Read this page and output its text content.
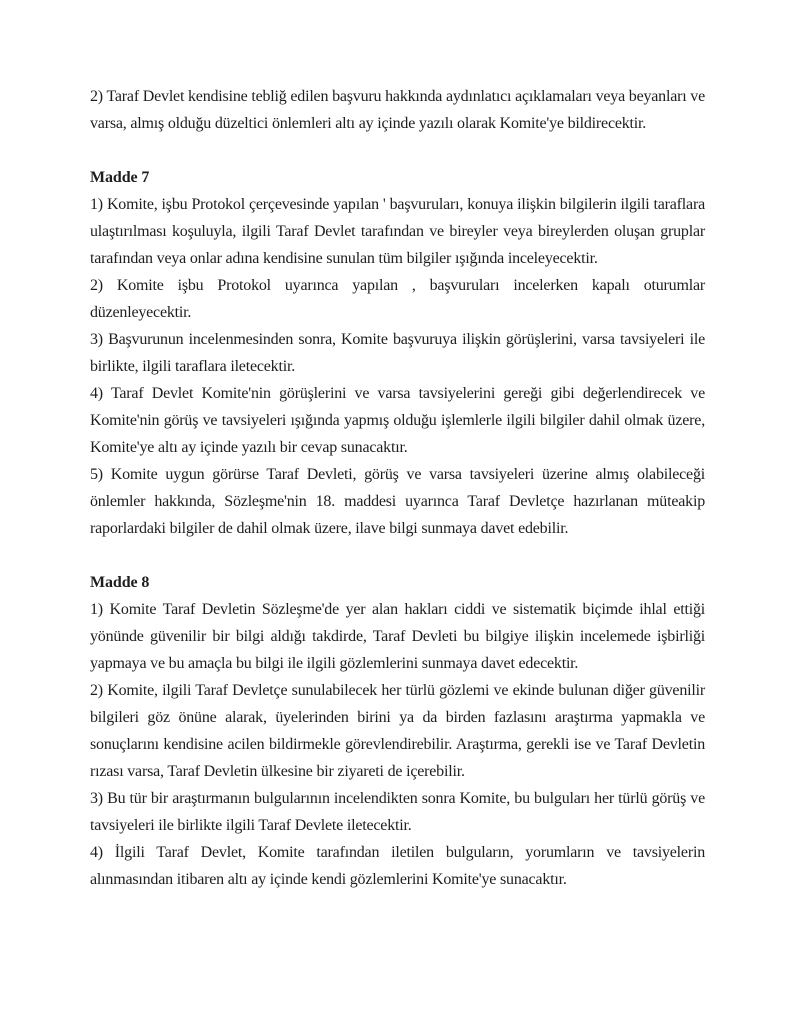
2) Taraf Devlet kendisine tebliğ edilen başvuru hakkında aydınlatıcı açıklamaları veya beyanları ve varsa, almış olduğu düzeltici önlemleri altı ay içinde yazılı olarak Komite'ye bildirecektir.

Madde 7

1) Komite, işbu Protokol çerçevesinde yapılan ' başvuruları, konuya ilişkin bilgilerin ilgili taraflara ulaştırılması koşuluyla, ilgili Taraf Devlet tarafından ve bireyler veya bireylerden oluşan gruplar tarafından veya onlar adına kendisine sunulan tüm bilgiler ışığında inceleyecektir.

2) Komite işbu Protokol uyarınca yapılan , başvuruları incelerken kapalı oturumlar düzenleyecektir.

3) Başvurunun incelenmesinden sonra, Komite başvuruya ilişkin görüşlerini, varsa tavsiyeleri ile birlikte, ilgili taraflara iletecektir.

4) Taraf Devlet Komite'nin görüşlerini ve varsa tavsiyelerini gereği gibi değerlendirecek ve Komite'nin görüş ve tavsiyeleri ışığında yapmış olduğu işlemlerle ilgili bilgiler dahil olmak üzere, Komite'ye altı ay içinde yazılı bir cevap sunacaktır.

5) Komite uygun görürse Taraf Devleti, görüş ve varsa tavsiyeleri üzerine almış olabileceği önlemler hakkında, Sözleşme'nin 18. maddesi uyarınca Taraf Devletçe hazırlanan müteakip raporlardaki bilgiler de dahil olmak üzere, ilave bilgi sunmaya davet edebilir.

Madde 8

1) Komite Taraf Devletin Sözleşme'de yer alan hakları ciddi ve sistematik biçimde ihlal ettiği yönünde güvenilir bir bilgi aldığı takdirde, Taraf Devleti bu bilgiye ilişkin incelemede işbirliği yapmaya ve bu amaçla bu bilgi ile ilgili gözlemlerini sunmaya davet edecektir.

2) Komite, ilgili Taraf Devletçe sunulabilecek her türlü gözlemi ve ekinde bulunan diğer güvenilir bilgileri göz önüne alarak, üyelerinden birini ya da birden fazlasını araştırma yapmakla ve sonuçlarını kendisine acilen bildirmekle görevlendirebilir. Araştırma, gerekli ise ve Taraf Devletin rızası varsa, Taraf Devletin ülkesine bir ziyareti de içerebilir.

3) Bu tür bir araştırmanın bulgularının incelendikten sonra Komite, bu bulguları her türlü görüş ve tavsiyeleri ile birlikte ilgili Taraf Devlete iletecektir.

4) İlgili Taraf Devlet, Komite tarafından iletilen bulguların, yorumların ve tavsiyelerin alınmasından itibaren altı ay içinde kendi gözlemlerini Komite'ye sunacaktır.
